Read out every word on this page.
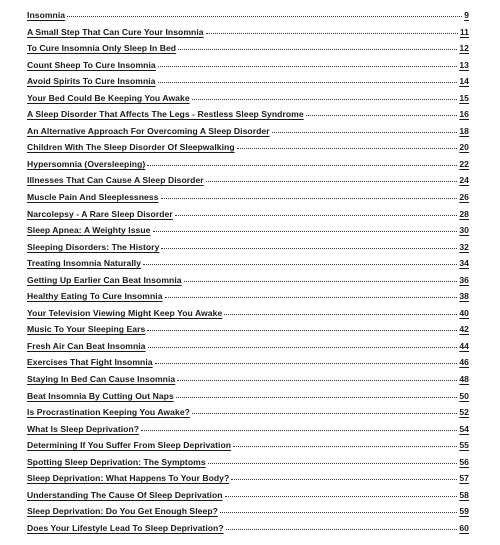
Insomnia	9
A Small Step That Can Cure Your Insomnia	11
To Cure Insomnia Only Sleep In Bed	12
Count Sheep To Cure Insomnia	13
Avoid Spirits To Cure Insomnia	14
Your Bed Could Be Keeping You Awake	15
A Sleep Disorder That Affects The Legs - Restless Sleep Syndrome	16
An Alternative Approach For Overcoming A Sleep Disorder	18
Children With The Sleep Disorder Of Sleepwalking	20
Hypersomnia (Oversleeping)	22
Illnesses That Can Cause A Sleep Disorder	24
Muscle Pain And Sleeplessness	26
Narcolepsy - A Rare Sleep Disorder	28
Sleep Apnea: A Weighty Issue	30
Sleeping Disorders: The History	32
Treating Insomnia Naturally	34
Getting Up Earlier Can Beat Insomnia	36
Healthy Eating To Cure Insomnia	38
Your Television Viewing Might Keep You Awake	40
Music To Your Sleeping Ears	42
Fresh Air Can Beat Insomnia	44
Exercises That Fight Insomnia	46
Staying In Bed Can Cause Insomnia	48
Beat Insomnia By Cutting Out Naps	50
Is Procrastination Keeping You Awake?	52
What Is Sleep Deprivation?	54
Determining If You Suffer From Sleep Deprivation	55
Spotting Sleep Deprivation: The Symptoms	56
Sleep Deprivation: What Happens To Your Body?	57
Understanding The Cause Of Sleep Deprivation	58
Sleep Deprivation: Do You Get Enough Sleep?	59
Does Your Lifestyle Lead To Sleep Deprivation?	60
